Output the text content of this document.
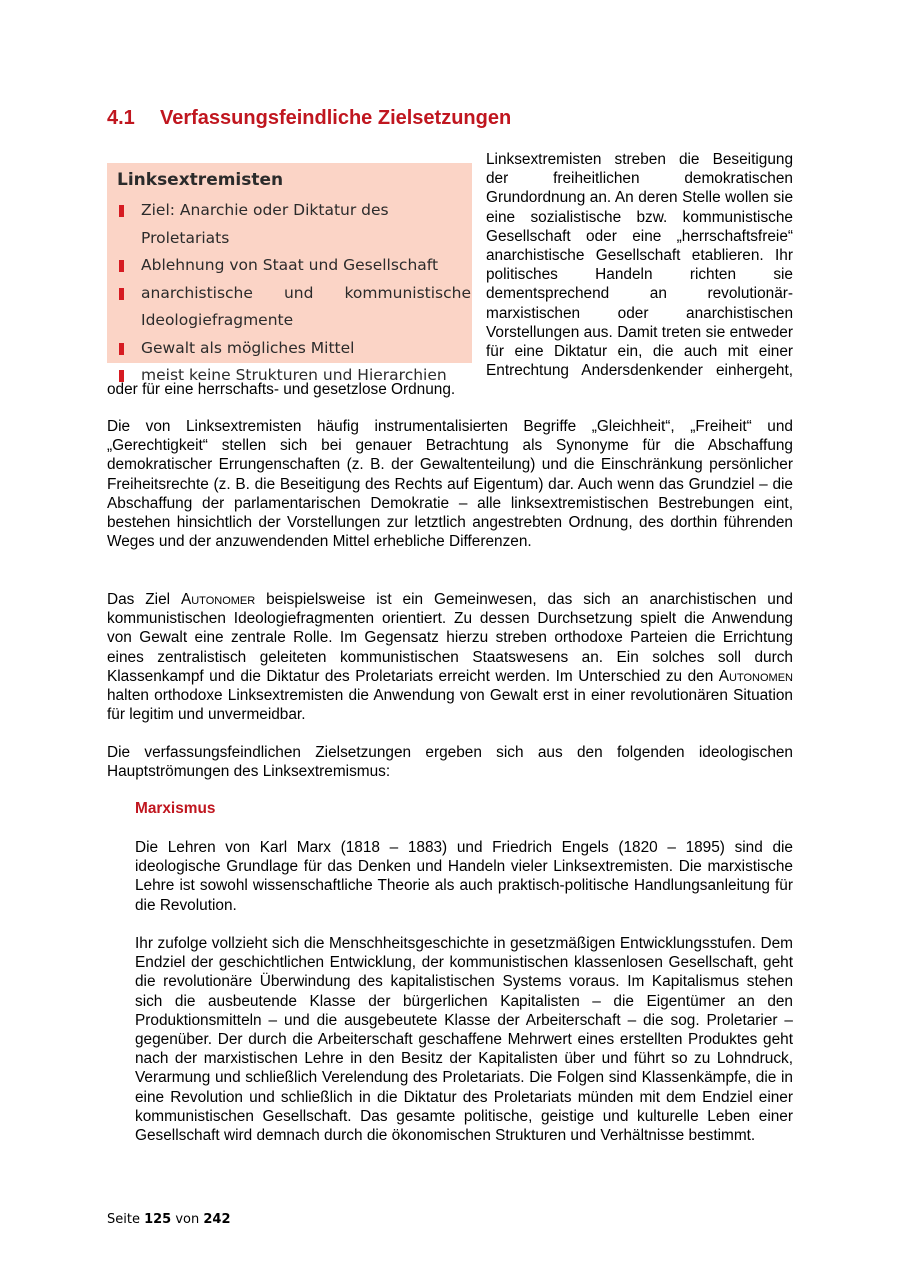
4.1 Verfassungsfeindliche Zielsetzungen
Linksextremisten
Ziel: Anarchie oder Diktatur des Proletariats
Ablehnung von Staat und Gesellschaft
anarchistische und kommunistische Ideologiefragmente
Gewalt als mögliches Mittel
meist keine Strukturen und Hierarchien

Linksextremisten streben die Beseitigung der freiheitlichen demokratischen Grundordnung an. An deren Stelle wollen sie eine sozialistische bzw. kommunistische Gesellschaft oder eine „herrschaftsfreie“ anarchistische Gesellschaft etablieren. Ihr politisches Handeln richten sie dementsprechend an revolutionär-marxistischen oder anarchistischen Vorstellungen aus. Damit treten sie entweder für eine Diktatur ein, die auch mit einer Entrechtung Andersdenkender einhergeht, oder für eine herrschafts- und gesetzlose Ordnung.

Die von Linksextremisten häufig instrumentalisierten Begriffe „Gleichheit“, „Freiheit“ und „Gerechtigkeit“ stellen sich bei genauer Betrachtung als Synonyme für die Abschaffung demokratischer Errungenschaften (z. B. der Gewaltenteilung) und die Einschränkung persönlicher Freiheitsrechte (z. B. die Beseitigung des Rechts auf Eigentum) dar. Auch wenn das Grundziel – die Abschaffung der parlamentarischen Demokratie – alle linksextremistischen Bestrebungen eint, bestehen hinsichtlich der Vorstellungen zur letztlich angestrebten Ordnung, des dorthin führenden Weges und der anzuwendenden Mittel erhebliche Differenzen.

Das Ziel Autonomer beispielsweise ist ein Gemeinwesen, das sich an anarchistischen und kommunistischen Ideologiefragmenten orientiert. Zu dessen Durchsetzung spielt die Anwendung von Gewalt eine zentrale Rolle. Im Gegensatz hierzu streben orthodoxe Parteien die Errichtung eines zentralistisch geleiteten kommunistischen Staatswesens an. Ein solches soll durch Klassenkampf und die Diktatur des Proletariats erreicht werden. Im Unterschied zu den Autonomen halten orthodoxe Linksextremisten die Anwendung von Gewalt erst in einer revolutionären Situation für legitim und unvermeidbar.

Die verfassungsfeindlichen Zielsetzungen ergeben sich aus den folgenden ideologischen Hauptströmungen des Linksextremismus:

Marxismus

Die Lehren von Karl Marx (1818 – 1883) und Friedrich Engels (1820 – 1895) sind die ideologische Grundlage für das Denken und Handeln vieler Linksextremisten. Die marxistische Lehre ist sowohl wissenschaftliche Theorie als auch praktisch-politische Handlungsanleitung für die Revolution.

Ihr zufolge vollzieht sich die Menschheitsgeschichte in gesetzmäßigen Entwicklungsstufen. Dem Endziel der geschichtlichen Entwicklung, der kommunistischen klassenlosen Gesellschaft, geht die revolutionäre Überwindung des kapitalistischen Systems voraus. Im Kapitalismus stehen sich die ausbeutende Klasse der bürgerlichen Kapitalisten – die Eigentümer an den Produktionsmitteln – und die ausgebeutete Klasse der Arbeiterschaft – die sog. Proletarier – gegenüber. Der durch die Arbeiterschaft geschaffene Mehrwert eines erstellten Produktes geht nach der marxistischen Lehre in den Besitz der Kapitalisten über und führt so zu Lohndruck, Verarmung und schließlich Verelendung des Proletariats. Die Folgen sind Klassenkämpfe, die in eine Revolution und schließlich in die Diktatur des Proletariats münden mit dem Endziel einer kommunistischen Gesellschaft. Das gesamte politische, geistige und kulturelle Leben einer Gesellschaft wird demnach durch die ökonomischen Strukturen und Verhältnisse bestimmt.

Seite 125 von 242
